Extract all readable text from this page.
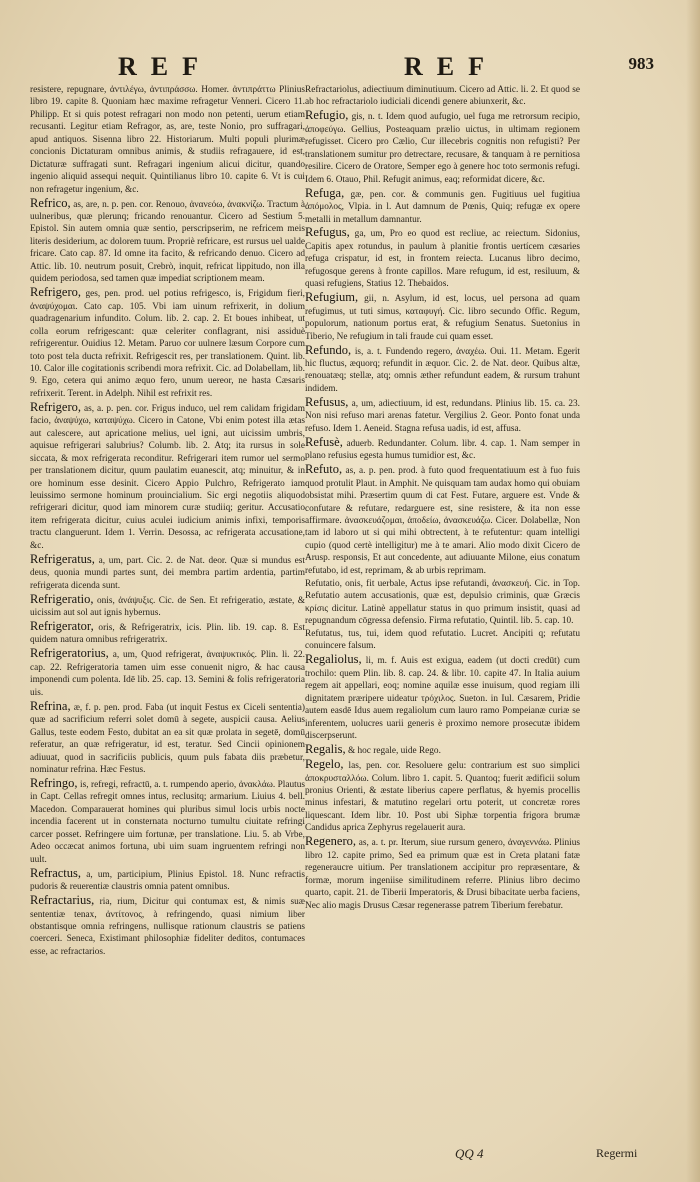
REF	REF	983

resistere, repugnare, ἀντιλέγω, ἀντιπράσσω. Homer. ἀντιπράττω Plinius libro 19. capite 8. Quoniam hæc maxime refragetur Venneri. Cicero 11. Philipp. Et si quis potest refragari non modo non petenti, uerum etiam recusanti. Legitur etiam Refragor, as, are, teste Nonio, pro suffragari, apud antiquos. Sisenna libro 22. Historiarum. Multi populi plurimæ concionis Dictaturam omnibus animis, & studiis refragauere, id est, Dictaturæ suffragati sunt. Refragari ingenium alicui dicitur, quando ingenio aliquid assequi nequit. Quintilianus libro 10. capite 6. Vt is cui non refragetur ingenium, &c.

Refrico, as, are, n. p. pen. cor. Renouo, ἀνανεόω, ἀνακνίζω. Tractum à uulneribus, quæ plerunq; fricando renouantur. Cicero ad Sestium 5. Epistol. Sin autem omnia quæ sentio, perscripserim, ne refricem meis literis desiderium, ac dolorem tuum. Propriè refricare, est rursus uel ualde fricare. Cato cap. 87. Id omne ita facito, & refricando denuo. Cicero ad Attic. lib. 10. neutrum posuit, Crebrò, inquit, refricat lippitudo, non illa quidem periodosa, sed tamen quæ impediat scriptionem meam.

Refrigero, ges, pen. prod. uel potius refrigesco, is, Frigidum fieri, ἀναψύχομαι. Cato cap. 105. Vbi iam uinum refrixerit, in dolium quadragenarium infundito. Colum. lib. 2. cap. 2. Et boues inhibeat, ut colla eorum refrigescant: quæ celeriter conflagrant, nisi assiduè refrigerentur. Ouidius 12. Metam. Paruo cor uulnere læsum Corpore cum toto post tela ducta refrixit. Refrigescit res, per translationem. Quint. lib. 10. Calor ille cogitationis scribendi mora refrixit. Cic. ad Dolabellam, lib. 9. Ego, cetera qui animo æquo fero, unum uereor, ne hasta Cæsaris refrixerit. Terent. in Adelph. Nihil est refrixit res.

Refrigero, as, a. p. pen. cor. Frigus induco, uel rem calidam frigidam facio, ἀναψύχω, καταψύχω. Cicero in Catone, Vbi enim potest illa ætas aut calescere, aut apricatione melius, uel igni, aut uicissim umbris, aquisue refrigerari salubrius? Columb. lib. 2. Atq; ita rursus in sole siccata, & mox refrigerata reconditur. Refrigerari item rumor uel sermo per translationem dicitur, quum paulatim euanescit, atq; minuitur, & in ore hominum esse desinit. Cicero Appio Pulchro, Refrigerato iam leuissimo sermone hominum prouincialium. Sic ergi negotiis aliquod refrigerari dicitur, quod iam minorem curæ studiiq; geritur. Accusatio item refrigerata dicitur, cuius aculei iudicium animis infixi, temporis tractu clanguerunt. Idem 1. Verrin. Desossa, ac refrigerata accusatione, &c.

Refrigeratus, a, um, part. Cic. 2. de Nat. deor. Quæ si mundus est deus, quonia mundi partes sunt, dei membra partim ardentia, partim refrigerata dicenda sunt.

Refrigeratio, onis, ἀνάψυξις. Cic. de Sen. Et refrigeratio, æstate, & uicissim aut sol aut ignis hybernus.

Refrigerator, oris, & Refrigeratrix, icis. Plin. lib. 19. cap. 8. Est quidem natura omnibus refrigeratrix.

Refrigeratorius, a, um, Quod refrigerat, ἀναψυκτικός. Plin. li. 22. cap. 22. Refrigeratoria tamen uim esse conuenit nigro, & hac causa imponendi cum polenta. Idē lib. 25. cap. 13. Semini & folis refrigeratoria uis.

Refrina, æ, f. p. pen. prod. Faba (ut inquit Festus ex Ciceli sententia) quæ ad sacrificium referri solet domū à segete, auspicii causa. Aelius Gallus, teste eodem Festo, dubitat an ea sit quæ prolata in segetē, domū referatur, an quæ refrigeratur, id est, teratur. Sed Cincii opinionem adiuuat, quod in sacrificiis publicis, quum puls fabata diis præbetur, nominatur refrina. Hæc Festus.

Refringo, is, refregi, refractū, a. t. rumpendo aperio, ἀνακλάω. Plautus in Capt. Cellas refregit omnes intus, reclusitq; armarium. Liuius 4. bell. Macedon. Comparauerat homines qui pluribus simul locis urbis nocte incendia facerent ut in consternata nocturno tumultu ciuitate refringi carcer posset. Refringere uim fortunæ, per translatione. Liu. 5. ab Vrbe, Adeo occæcat animos fortuna, ubi uim suam ingruentem refringi non uult.

Refractus, a, um, participium, Plinius Epistol. 18. Nunc refractis pudoris & reuerentiæ claustris omnia patent omnibus.

Refractarius, ria, rium, Dicitur qui contumax est, & nimis suæ sententiæ tenax, ἀντίτονος, à refringendo, quasi nimium liber obstantisque omnia refringens, nullisque rationum claustris se patiens coerceri. Seneca, Existimant philosophiæ fideliter deditos, contumaces esse, ac refractarios.

Refractariolus, adiectiuum diminutiuum. Cicero ad Attic. li. 2. Et quod se ab hoc refractariolo iudiciali dicendi genere abiunxerit, &c.

Refugio, gis, n. t. Idem quod aufugio, uel fuga me retrorsum recipio, ἀποφεύγω. Gellius, Posteaquam prælio uictus, in ultimam regionem refugisset. Cicero pro Cælio, Cur illecebris cognitis non refugisti? Per translationem sumitur pro detrectare, recusare, & tanquam à re pernitiosa resilire. Cicero de Oratore, Semper ego à genere hoc toto sermonis refugi. Idem 6. Otauo, Phil. Refugit animus, eaq; reformidat dicere, &c.

Refuga, gæ, pen. cor. & communis gen. Fugitiuus uel fugitiua ἀπόμολος, Vlpia. in l. Aut damnum de Pœnis, Quiq; refugæ ex opere metalli in metallum damnantur.

Refugus, ga, um, Pro eo quod est recliue, ac reiectum. Sidonius, Capitis apex rotundus, in paulum à planitie frontis uertícem cæsaries refuga crispatur, id est, in frontem reiecta. Lucanus libro decimo, refugosque gerens à fronte capillos. Mare refugum, id est, resiluum, & quasi refugiens, Statius 12. Thebaidos.

Refugium, gii, n. Asylum, id est, locus, uel persona ad quam refugimus, ut tuti simus, καταφυγή. Cic. libro secundo Offic. Regum, populorum, nationum portus erat, & refugium Senatus. Suetonius in Tiberio, Ne refugium in tali fraude cui quam esset.

Refundo, is, a. t. Fundendo regero, ἀναχέω. Oui. 11. Metam. Egerit hic fluctus, æquorq; refundit in æquor. Cic. 2. de Nat. deor. Quibus altæ, renouatæq; stellæ, atq; omnis æther refundunt eadem, & rursum trahunt indidem.

Refusus, a, um, adiectiuum, id est, redundans. Plinius lib. 15. ca. 23. Non nisi refuso mari arenas fatetur. Vergilius 2. Geor. Ponto fonat unda refuso. Idem 1. Aeneid. Stagna refusa uadis, id est, affusa.

Refusè, aduerb. Redundanter. Colum. libr. 4. cap. 1. Nam semper in plano refusius egesta humus tumidior est, &c.

Refuto, as, a. p. pen. prod. à futo quod frequentatiuum est à fuo fuis quod protulit Plaut. in Amphit. Ne quisquam tam audax homo qui obuiam obsistat mihi. Præsertim quum di cat Fest. Futare, arguere est. Vnde & confutare & refutare, redarguere est, sine resistere, & ita non esse affirmare. ἀνασκευάζομαι, ἀποδείω, ἀνασκευάζω. Cicer. Dolabellæ, Non tam id laboro ut si qui mihi obtrectent, à te refutentur: quam intelligi cupio (quod certè intelligitur) me à te amari. Alio modo dixit Cicero de Arusp. responsis, Et aut concedente, aut adiuuante Milone, eius conatum refutabo, id est, reprimam, & ab urbis reprimam.

Refutatio, onis, fit uerbale, Actus ipse refutandi, ἀνασκευή. Cic. in Top. Refutatio autem accusationis, quæ est, depulsio criminis, quæ Græcis κρίσις dicitur. Latinè appellatur status in quo primum insistit, quasi ad repugnandum cōgressa defensio. Firma refutatio, Quintil. lib. 5. cap. 10.

Refutatus, tus, tui, idem quod refutatio. Lucret. Ancipiti q; refutatu conuincere falsum.

Regaliolus, li, m. f. Auis est exigua, eadem (ut docti credūt) cum trochilo: quem Plin. lib. 8. cap. 24. & libr. 10. capite 47. In Italia auium regem ait appellari, eoq; nomine aquilæ esse inuisum, quod regiam illi dignitatem præripere uideatur τρόχιλος. Sueton. in Iul. Cæsarem, Pridie autem easdē Idus auem regaliolum cum lauro ramo Pompeianæ curiæ se inferentem, uolucres uarii generis è proximo nemore prosecutæ ibidem discerpserunt.

Regalis, & hoc regale, uide Rego.

Regelo, las, pen. cor. Resoluere gelu: contrarium est suo simplici ἀποκρυσταλλόω. Colum. libro 1. capit. 5. Quantoq; fuerit ædificii solum pronius Orienti, & æstate liberius capere perflatus, & hyemis procellis minus infestari, & matutino regelari ortu poterit, ut concretæ rores liquescant. Idem libr. 10. Post ubi Siphæ torpentia frigora brumæ Candidus aprica Zephyrus regelauerit aura.

Regenero, as, a. t. pr. Iterum, siue rursum genero, ἀναγεννάω. Plinius libro 12. capite primo, Sed ea primum quæ est in Creta platani fatæ regeneraucre uitium. Per translationem accipitur pro repræsentare, & formæ, morum ingeniise similitudinem referre. Plinius libro decimo quarto, capit. 21. de Tiberii Imperatoris, & Drusi bibacitate uerba faciens, Nec alio magis Drusus Cæsar regenerasse patrem Tiberium ferebatur.

QQ 4	Regermi
